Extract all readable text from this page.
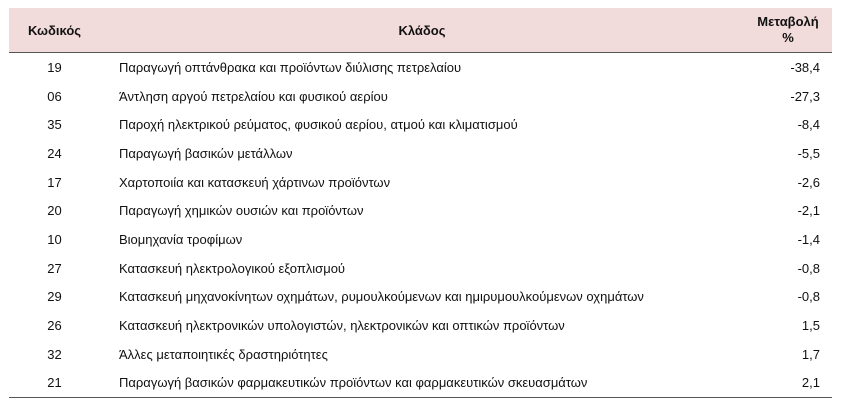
Κωδικός	Κλάδος	Μεταβολή
%
19	Παραγωγή οπτάνθρακα και προϊόντων διύλισης πετρελαίου	-38,4
06	Άντληση αργού πετρελαίου και φυσικού αερίου	-27,3
35	Παροχή ηλεκτρικού ρεύματος, φυσικού αερίου, ατμού και κλιματισμού	-8,4
24	Παραγωγή βασικών μετάλλων	-5,5
17	Χαρτοποιία και κατασκευή χάρτινων προϊόντων	-2,6
20	Παραγωγή χημικών ουσιών και προϊόντων	-2,1
10	Βιομηχανία τροφίμων	-1,4
27	Κατασκευή ηλεκτρολογικού εξοπλισμού	-0,8
29	Κατασκευή μηχανοκίνητων οχημάτων, ρυμουλκούμενων και ημιρυμουλκούμενων οχημάτων	-0,8
26	Κατασκευή ηλεκτρονικών υπολογιστών, ηλεκτρονικών και οπτικών προϊόντων	1,5
32	Άλλες μεταποιητικές δραστηριότητες	1,7
21	Παραγωγή βασικών φαρμακευτικών προϊόντων και φαρμακευτικών σκευασμάτων	2,1
